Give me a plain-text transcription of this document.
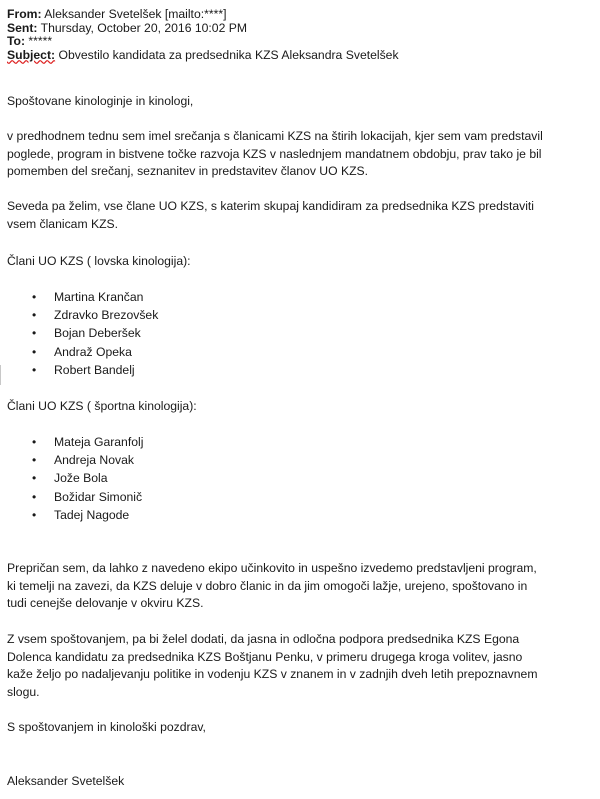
From: Aleksander Svetelšek [mailto:****]
Sent: Thursday, October 20, 2016 10:02 PM
To: *****
Subject: Obvestilo kandidata za predsednika KZS Aleksandra Svetelšek

Spoštovane kinologinje in kinologi,

v predhodnem tednu sem imel srečanja s članicami KZS na štirih lokacijah, kjer sem vam predstavil

poglede, program in bistvene točke razvoja KZS v naslednjem mandatnem obdobju, prav tako je bil

pomemben del srečanj, seznanitev in predstavitev članov UO KZS.

Seveda pa želim, vse člane UO KZS, s katerim skupaj kandidiram za predsednika KZS predstaviti

vsem članicam KZS.

Člani UO KZS ( lovska kinologija):

• Martina Krančan
• Zdravko Brezovšek
• Bojan Deberšek
• Andraž Opeka
• Robert Bandelj

Člani UO KZS ( športna kinologija):

• Mateja Garanfolj
• Andreja Novak
• Jože Bola
• Božidar Simonič
• Tadej Nagode

Prepričan sem, da lahko z navedeno ekipo učinkovito in uspešno izvedemo predstavljeni program,

ki temelji na zavezi, da KZS deluje v dobro članic in da jim omogoči lažje, urejeno, spoštovano in

tudi cenejše delovanje v okviru KZS.

Z vsem spoštovanjem, pa bi želel dodati, da jasna in odločna podpora predsednika KZS Egona

Dolenca kandidatu za predsednika KZS Boštjanu Penku, v primeru drugega kroga volitev, jasno

kaže željo po nadaljevanju politike in vodenju KZS v znanem in v zadnjih dveh letih prepoznavnem

slogu.

S spoštovanjem in kinološki pozdrav,

Aleksander Svetelšek
